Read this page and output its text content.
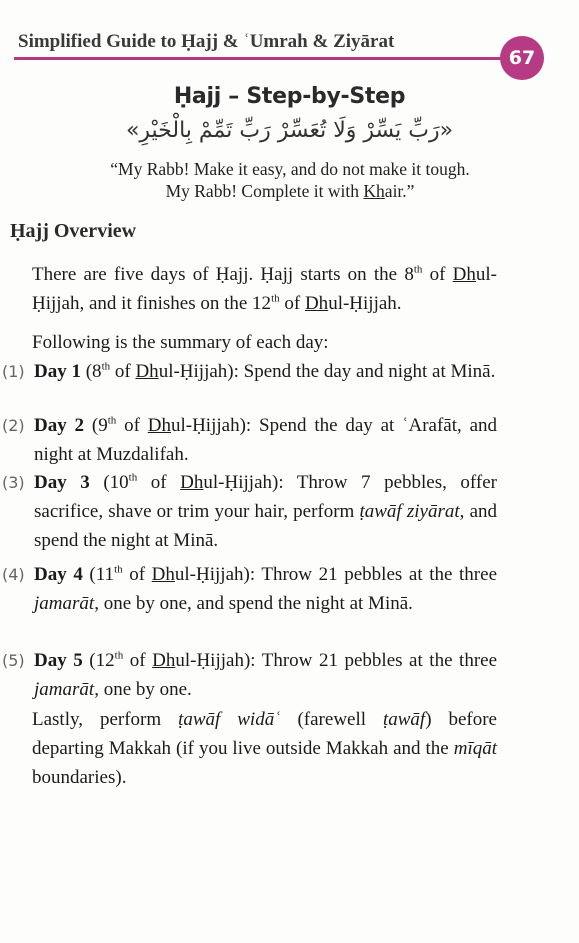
Simplified Guide to Ḥajj & ʿUmrah & Ziyārat
67
Ḥajj – Step-by-Step
«رَبِّ يَسِّرْ وَلَا تُعَسِّرْ رَبِّ تَمِّمْ بِالْخَيْرِ»
“My Rabb! Make it easy, and do not make it tough.
My Rabb! Complete it with Khair.”
Ḥajj Overview
There are five days of Ḥajj. Ḥajj starts on the 8th of Dhul-Ḥijjah, and it finishes on the 12th of Dhul-Ḥijjah.
Following is the summary of each day:
(1) Day 1 (8th of Dhul-Ḥijjah): Spend the day and night at Minā.
(2) Day 2 (9th of Dhul-Ḥijjah): Spend the day at ʿArafāt, and night at Muzdalifah.
(3) Day 3 (10th of Dhul-Ḥijjah): Throw 7 pebbles, offer sacrifice, shave or trim your hair, perform ṭawāf ziyārat, and spend the night at Minā.
(4) Day 4 (11th of Dhul-Ḥijjah): Throw 21 pebbles at the three jamarāt, one by one, and spend the night at Minā.
(5) Day 5 (12th of Dhul-Ḥijjah): Throw 21 pebbles at the three jamarāt, one by one.
Lastly, perform ṭawāf widāʿ (farewell ṭawāf) before departing Makkah (if you live outside Makkah and the mīqāt boundaries).
